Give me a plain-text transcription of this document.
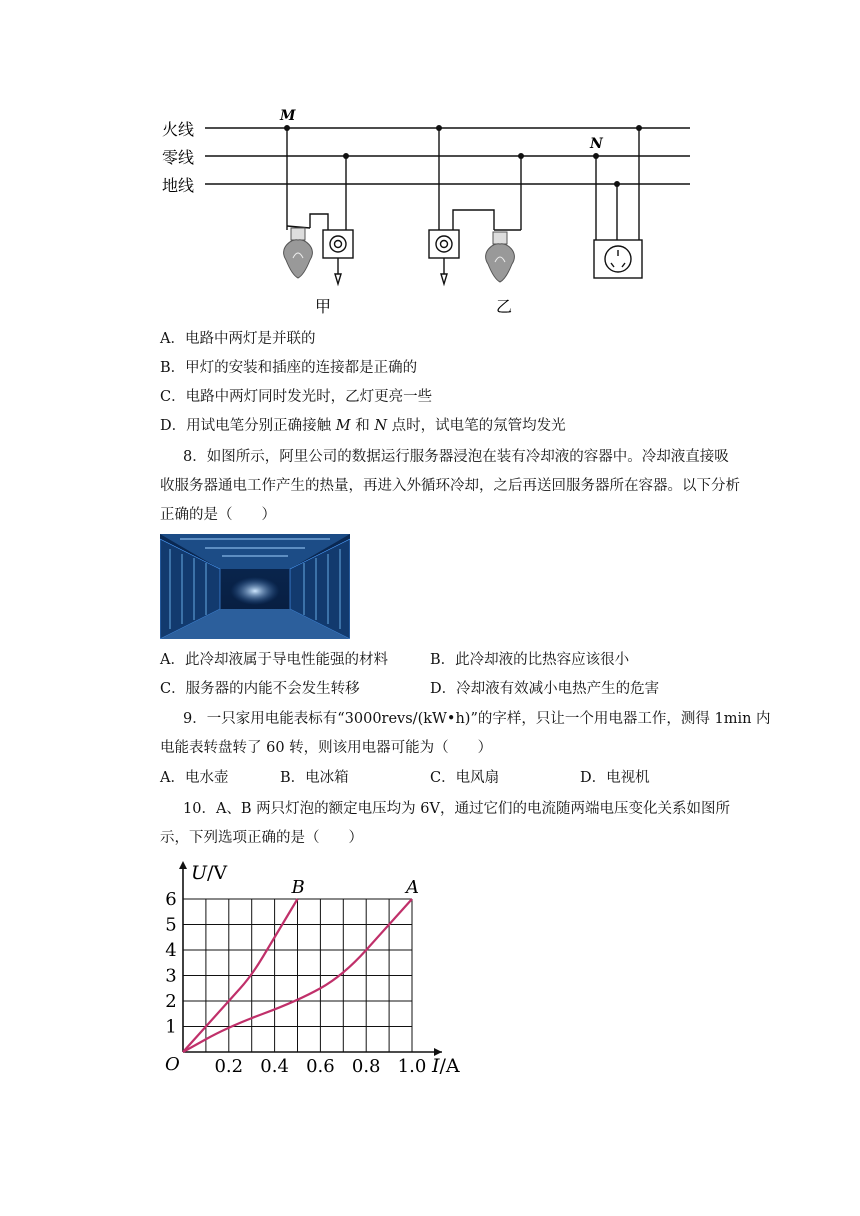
火线
零线
地线
M
N
甲	乙
A．电路中两灯是并联的
B．甲灯的安装和插座的连接都是正确的
C．电路中两灯同时发光时，乙灯更亮一些
D．用试电笔分别正确接触 M 和 N 点时，试电笔的氖管均发光
8．如图所示，阿里公司的数据运行服务器浸泡在装有冷却液的容器中。冷却液直接吸
收服务器通电工作产生的热量，再进入外循环冷却，之后再送回服务器所在容器。以下分析
正确的是（　　）
A．此冷却液属于导电性能强的材料	B．此冷却液的比热容应该很小
C．服务器的内能不会发生转移	D．冷却液有效减小电热产生的危害
9．一只家用电能表标有“3000revs/(kW•h)”的字样，只让一个用电器工作，测得 1min 内
电能表转盘转了 60 转，则该用电器可能为（　　）
A．电水壶	B．电冰箱	C．电风扇	D．电视机
10．A、B 两只灯泡的额定电压均为 6V，通过它们的电流随两端电压变化关系如图所
示，下列选项正确的是（　　）
0.2 0.4 0.6 0.8 1.0
1
2
3
4
5
6
O
U/V
I/A
A
B
